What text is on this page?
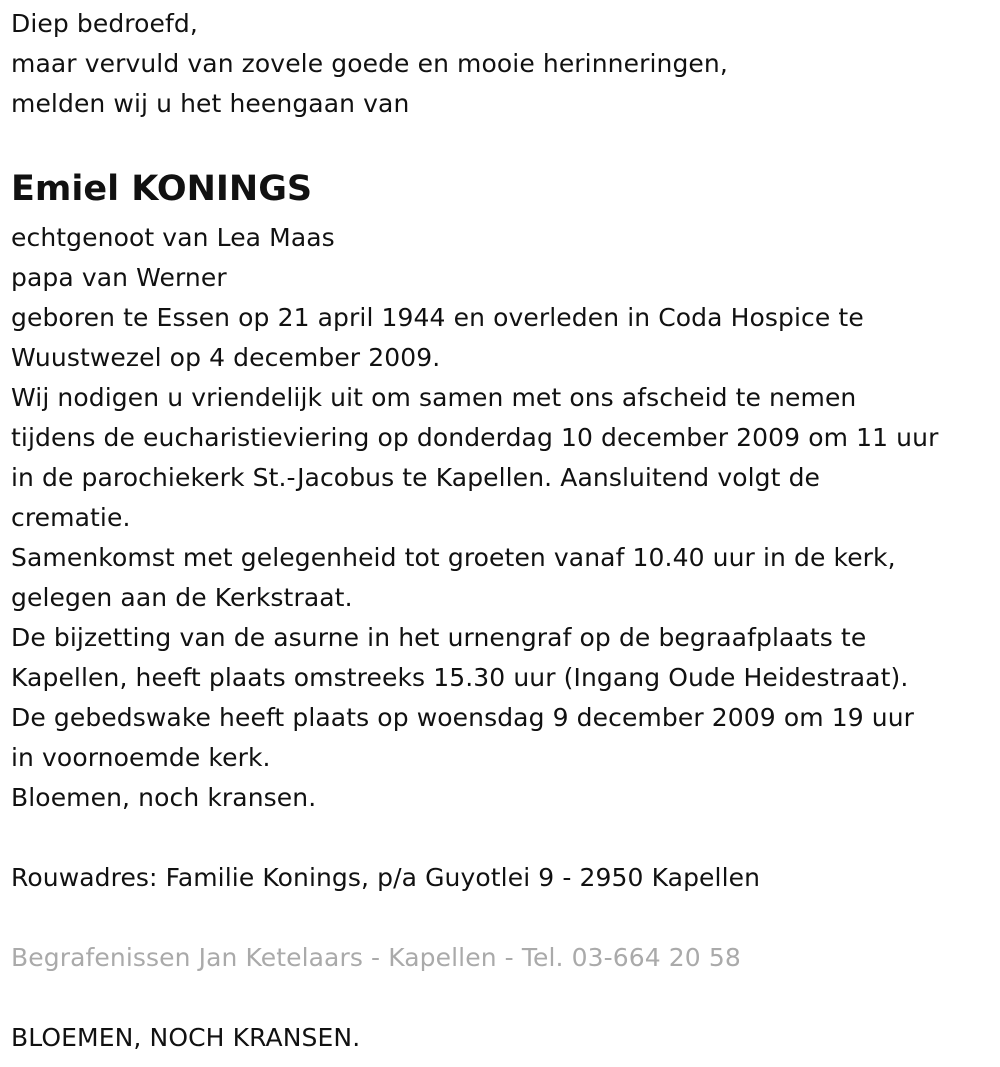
Diep bedroefd,
maar vervuld van zovele goede en mooie herinneringen,
melden wij u het heengaan van
Emiel KONINGS
echtgenoot van Lea Maas
papa van Werner
geboren te Essen op 21 april 1944 en overleden in Coda Hospice te
Wuustwezel op 4 december 2009.
Wij nodigen u vriendelijk uit om samen met ons afscheid te nemen
tijdens de eucharistieviering op donderdag 10 december 2009 om 11 uur
in de parochiekerk St.-Jacobus te Kapellen. Aansluitend volgt de
crematie.
Samenkomst met gelegenheid tot groeten vanaf 10.40 uur in de kerk,
gelegen aan de Kerkstraat.
De bijzetting van de asurne in het urnengraf op de begraafplaats te
Kapellen, heeft plaats omstreeks 15.30 uur (Ingang Oude Heidestraat).
De gebedswake heeft plaats op woensdag 9 december 2009 om 19 uur
in voornoemde kerk.
Bloemen, noch kransen.
Rouwadres: Familie Konings, p/a Guyotlei 9 - 2950 Kapellen
Begrafenissen Jan Ketelaars - Kapellen - Tel. 03-664 20 58
BLOEMEN, NOCH KRANSEN.
